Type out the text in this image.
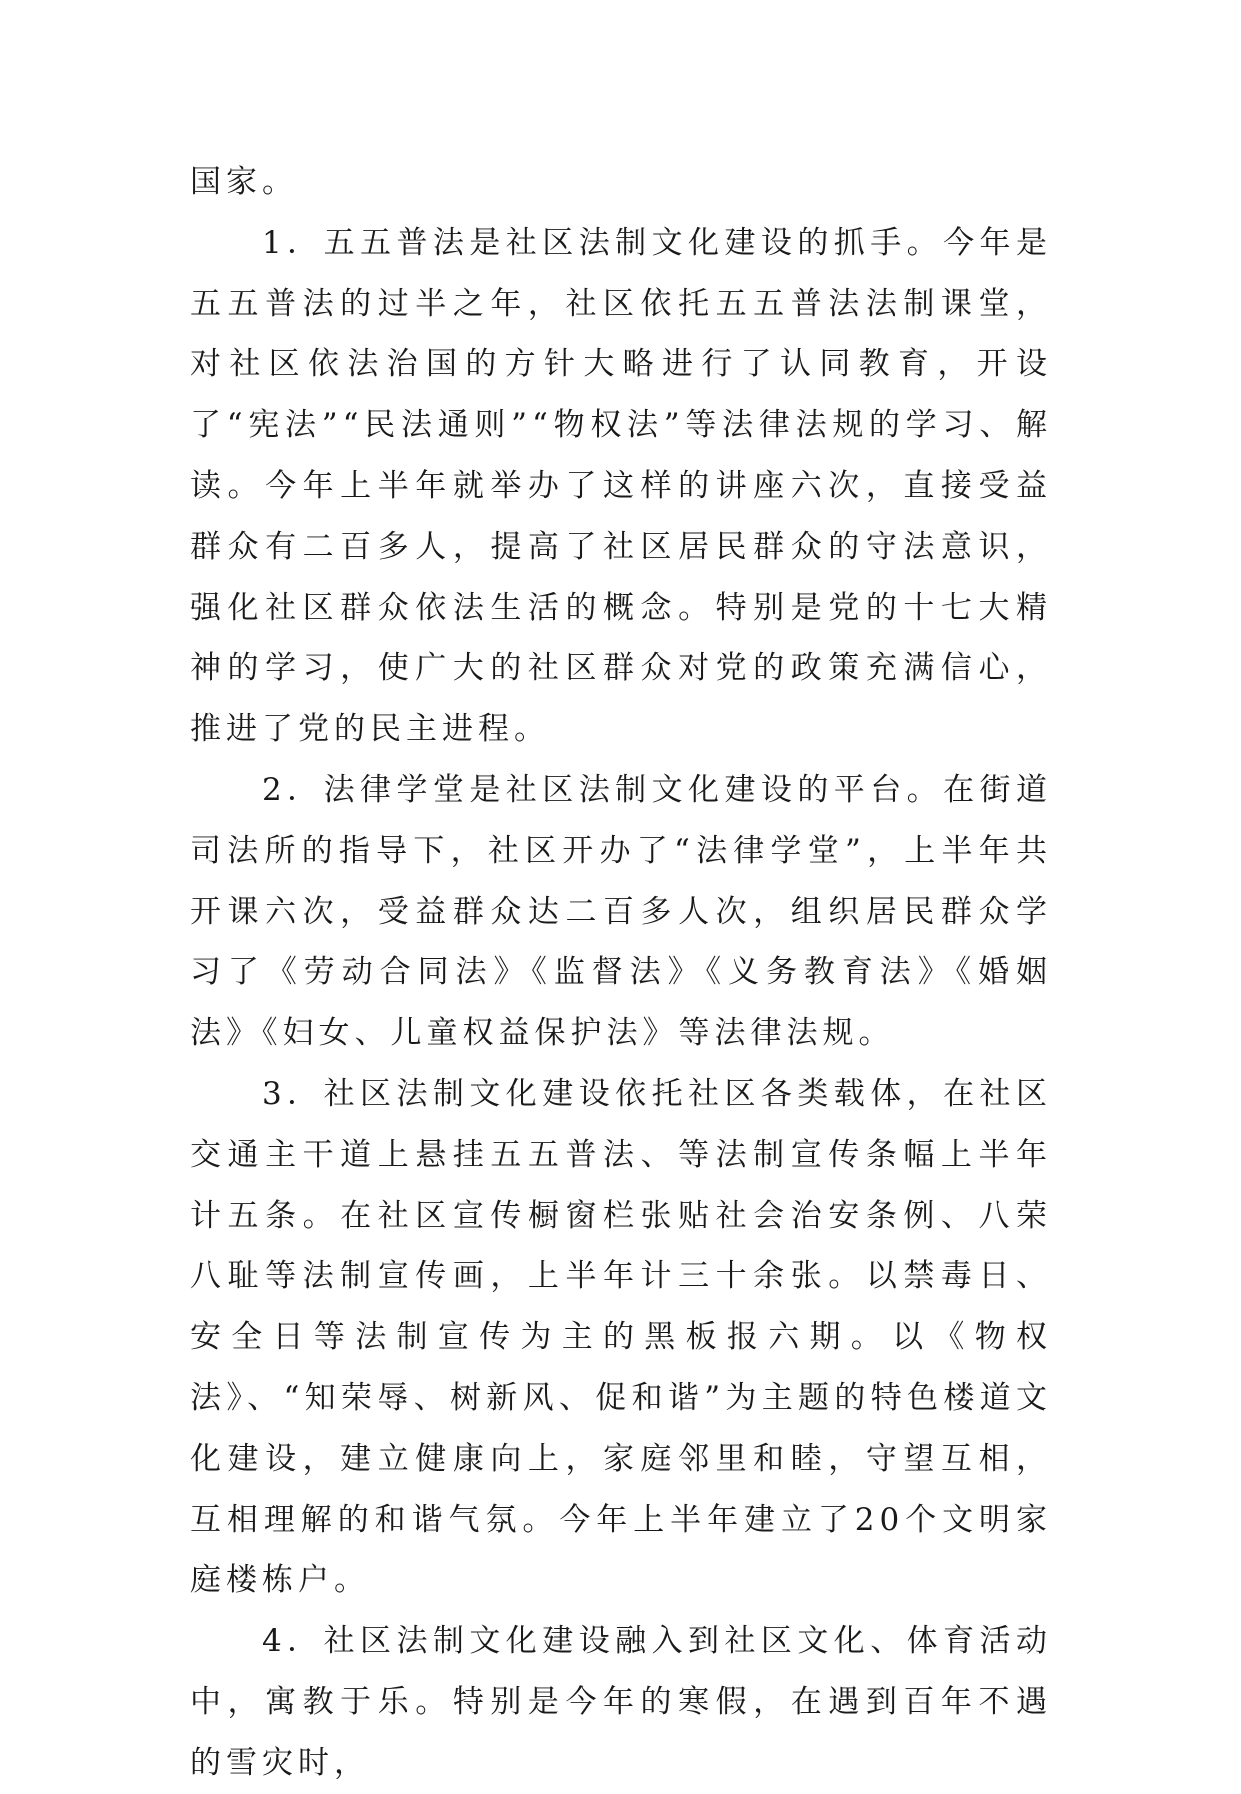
国家。

1．五五普法是社区法制文化建设的抓手。今年是五五普法的过半之年，社区依托五五普法法制课堂，对社区依法治国的方针大略进行了认同教育，开设了“宪法”“民法通则”“物权法”等法律法规的学习、解读。今年上半年就举办了这样的讲座六次，直接受益群众有二百多人，提高了社区居民群众的守法意识，强化社区群众依法生活的概念。特别是党的十七大精神的学习，使广大的社区群众对党的政策充满信心，推进了党的民主进程。

2．法律学堂是社区法制文化建设的平台。在街道司法所的指导下，社区开办了“法律学堂”，上半年共开课六次，受益群众达二百多人次，组织居民群众学习了《劳动合同法》《监督法》《义务教育法》《婚姻法》《妇女、儿童权益保护法》等法律法规。

3．社区法制文化建设依托社区各类载体，在社区交通主干道上悬挂五五普法、等法制宣传条幅上半年计五条。在社区宣传橱窗栏张贴社会治安条例、八荣八耻等法制宣传画，上半年计三十余张。以禁毒日、安全日等法制宣传为主的黑板报六期。以《物权法》、“知荣辱、树新风、促和谐”为主题的特色楼道文化建设，建立健康向上，家庭邻里和睦，守望互相，互相理解的和谐气氛。今年上半年建立了20个文明家庭楼栋户。

4．社区法制文化建设融入到社区文化、体育活动中，寓教于乐。特别是今年的寒假，在遇到百年不遇的雪灾时，
